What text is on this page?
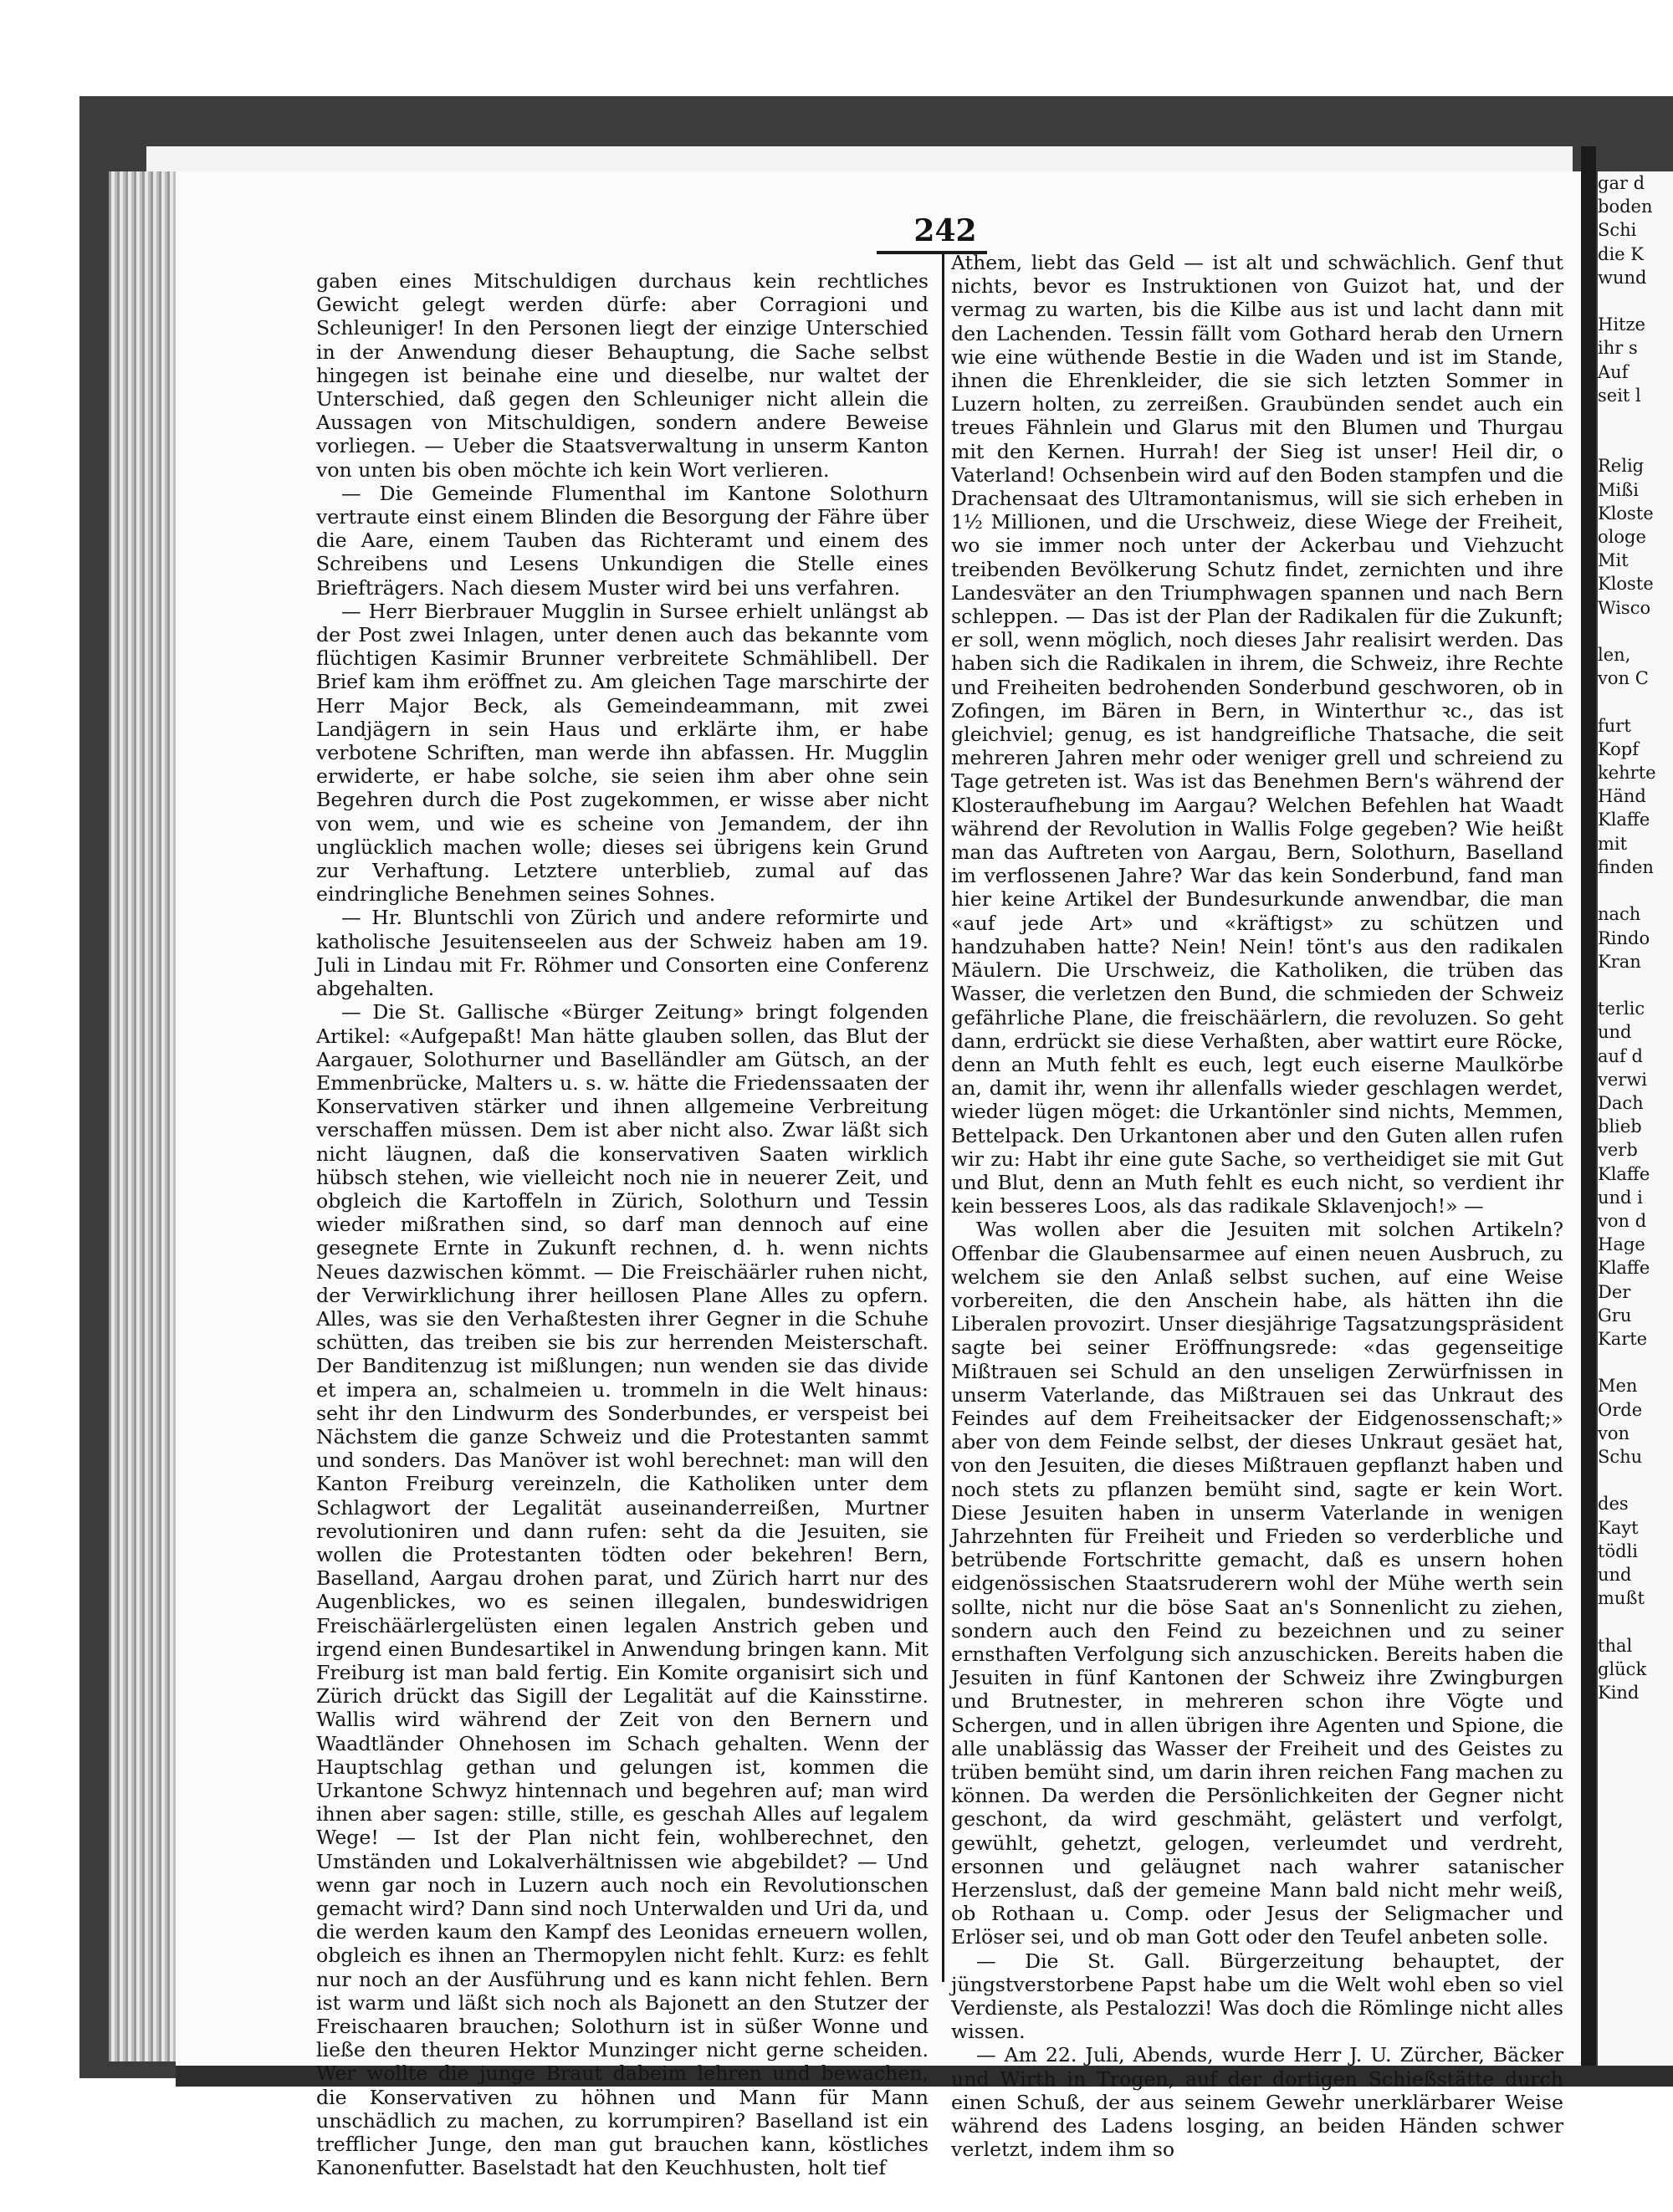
gar d
boden
Schi
die K
wund

Hitze
ihr s
Auf
seit l

Relig
Mißi
Kloste
ologe
Mit
Kloste
Wisco

len,
von C

furt
Kopf
kehrte
Händ
Klaffe
mit
finden

nach
Rindo
Kran

terlic
und
auf d
verwi
Dach
blieb
verb
Klaffe
und i
von d
Hage
Klaffe
Der
Gru
Karte

Men
Orde
von
Schu

des
Kayt
tödli
und
mußt

thal
glück
Kind
242

gaben eines Mitschuldigen durchaus kein rechtliches Gewicht gelegt werden dürfe: aber Corragioni und Schleuniger! In den Personen liegt der einzige Unterschied in der Anwendung dieser Behauptung, die Sache selbst hingegen ist beinahe eine und dieselbe, nur waltet der Unterschied, daß gegen den Schleuniger nicht allein die Aussagen von Mitschuldigen, sondern andere Beweise vorliegen. — Ueber die Staatsverwaltung in unserm Kanton von unten bis oben möchte ich kein Wort verlieren.

— Die Gemeinde Flumenthal im Kantone Solothurn vertraute einst einem Blinden die Besorgung der Fähre über die Aare, einem Tauben das Richteramt und einem des Schreibens und Lesens Unkundigen die Stelle eines Briefträgers. Nach diesem Muster wird bei uns verfahren.

— Herr Bierbrauer Mugglin in Sursee erhielt unlängst ab der Post zwei Inlagen, unter denen auch das bekannte vom flüchtigen Kasimir Brunner verbreitete Schmählibell. Der Brief kam ihm eröffnet zu. Am gleichen Tage marschirte der Herr Major Beck, als Gemeindeammann, mit zwei Landjägern in sein Haus und erklärte ihm, er habe verbotene Schriften, man werde ihn abfassen. Hr. Mugglin erwiderte, er habe solche, sie seien ihm aber ohne sein Begehren durch die Post zugekommen, er wisse aber nicht von wem, und wie es scheine von Jemandem, der ihn unglücklich machen wolle; dieses sei übrigens kein Grund zur Verhaftung. Letztere unterblieb, zumal auf das eindringliche Benehmen seines Sohnes.

— Hr. Bluntschli von Zürich und andere reformirte und katholische Jesuitenseelen aus der Schweiz haben am 19. Juli in Lindau mit Fr. Röhmer und Consorten eine Conferenz abgehalten.

— Die St. Gallische «Bürger Zeitung» bringt folgenden Artikel: «Aufgepaßt! Man hätte glauben sollen, das Blut der Aargauer, Solothurner und Baselländler am Gütsch, an der Emmenbrücke, Malters u. s. w. hätte die Friedenssaaten der Konservativen stärker und ihnen allgemeine Verbreitung verschaffen müssen. Dem ist aber nicht also. Zwar läßt sich nicht läugnen, daß die konservativen Saaten wirklich hübsch stehen, wie vielleicht noch nie in neuerer Zeit, und obgleich die Kartoffeln in Zürich, Solothurn und Tessin wieder mißrathen sind, so darf man dennoch auf eine gesegnete Ernte in Zukunft rechnen, d. h. wenn nichts Neues dazwischen kömmt. — Die Freischäärler ruhen nicht, der Verwirklichung ihrer heillosen Plane Alles zu opfern. Alles, was sie den Verhaßtesten ihrer Gegner in die Schuhe schütten, das treiben sie bis zur herrenden Meisterschaft. Der Banditenzug ist mißlungen; nun wenden sie das divide et impera an, schalmeien u. trommeln in die Welt hinaus: seht ihr den Lindwurm des Sonderbundes, er verspeist bei Nächstem die ganze Schweiz und die Protestanten sammt und sonders. Das Manöver ist wohl berechnet: man will den Kanton Freiburg vereinzeln, die Katholiken unter dem Schlagwort der Legalität auseinanderreißen, Murtner revolutioniren und dann rufen: seht da die Jesuiten, sie wollen die Protestanten tödten oder bekehren! Bern, Baselland, Aargau drohen parat, und Zürich harrt nur des Augenblickes, wo es seinen illegalen, bundeswidrigen Freischäärlergelüsten einen legalen Anstrich geben und irgend einen Bundesartikel in Anwendung bringen kann. Mit Freiburg ist man bald fertig. Ein Komite organisirt sich und Zürich drückt das Sigill der Legalität auf die Kainsstirne. Wallis wird während der Zeit von den Bernern und Waadtländer Ohnehosen im Schach gehalten. Wenn der Hauptschlag gethan und gelungen ist, kommen die Urkantone Schwyz hintennach und begehren auf; man wird ihnen aber sagen: stille, stille, es geschah Alles auf legalem Wege! — Ist der Plan nicht fein, wohlberechnet, den Umständen und Lokalverhältnissen wie abgebildet? — Und wenn gar noch in Luzern auch noch ein Revolutionschen gemacht wird? Dann sind noch Unterwalden und Uri da, und die werden kaum den Kampf des Leonidas erneuern wollen, obgleich es ihnen an Thermopylen nicht fehlt. Kurz: es fehlt nur noch an der Ausführung und es kann nicht fehlen. Bern ist warm und läßt sich noch als Bajonett an den Stutzer der Freischaaren brauchen; Solothurn ist in süßer Wonne und ließe den theuren Hektor Munzinger nicht gerne scheiden. Wer wollte die junge Braut dabeim lehren und bewachen, die Konservativen zu höhnen und Mann für Mann unschädlich zu machen, zu korrumpiren? Baselland ist ein trefflicher Junge, den man gut brauchen kann, köstliches Kanonenfutter. Baselstadt hat den Keuchhusten, holt tief

Athem, liebt das Geld — ist alt und schwächlich. Genf thut nichts, bevor es Instruktionen von Guizot hat, und der vermag zu warten, bis die Kilbe aus ist und lacht dann mit den Lachenden. Tessin fällt vom Gothard herab den Urnern wie eine wüthende Bestie in die Waden und ist im Stande, ihnen die Ehrenkleider, die sie sich letzten Sommer in Luzern holten, zu zerreißen. Graubünden sendet auch ein treues Fähnlein und Glarus mit den Blumen und Thurgau mit den Kernen. Hurrah! der Sieg ist unser! Heil dir, o Vaterland! Ochsenbein wird auf den Boden stampfen und die Drachensaat des Ultramontanismus, will sie sich erheben in 1½ Millionen, und die Urschweiz, diese Wiege der Freiheit, wo sie immer noch unter der Ackerbau und Viehzucht treibenden Bevölkerung Schutz findet, zernichten und ihre Landesväter an den Triumphwagen spannen und nach Bern schleppen. — Das ist der Plan der Radikalen für die Zukunft; er soll, wenn möglich, noch dieses Jahr realisirt werden. Das haben sich die Radikalen in ihrem, die Schweiz, ihre Rechte und Freiheiten bedrohenden Sonderbund geschworen, ob in Zofingen, im Bären in Bern, in Winterthur ꝛc., das ist gleichviel; genug, es ist handgreifliche Thatsache, die seit mehreren Jahren mehr oder weniger grell und schreiend zu Tage getreten ist. Was ist das Benehmen Bern's während der Klosteraufhebung im Aargau? Welchen Befehlen hat Waadt während der Revolution in Wallis Folge gegeben? Wie heißt man das Auftreten von Aargau, Bern, Solothurn, Baselland im verflossenen Jahre? War das kein Sonderbund, fand man hier keine Artikel der Bundesurkunde anwendbar, die man «auf jede Art» und «kräftigst» zu schützen und handzuhaben hatte? Nein! Nein! tönt's aus den radikalen Mäulern. Die Urschweiz, die Katholiken, die trüben das Wasser, die verletzen den Bund, die schmieden der Schweiz gefährliche Plane, die freischäärlern, die revoluzen. So geht dann, erdrückt sie diese Verhaßten, aber wattirt eure Röcke, denn an Muth fehlt es euch, legt euch eiserne Maulkörbe an, damit ihr, wenn ihr allenfalls wieder geschlagen werdet, wieder lügen möget: die Urkantönler sind nichts, Memmen, Bettelpack. Den Urkantonen aber und den Guten allen rufen wir zu: Habt ihr eine gute Sache, so vertheidiget sie mit Gut und Blut, denn an Muth fehlt es euch nicht, so verdient ihr kein besseres Loos, als das radikale Sklavenjoch!» —

Was wollen aber die Jesuiten mit solchen Artikeln? Offenbar die Glaubensarmee auf einen neuen Ausbruch, zu welchem sie den Anlaß selbst suchen, auf eine Weise vorbereiten, die den Anschein habe, als hätten ihn die Liberalen provozirt. Unser diesjährige Tagsatzungspräsident sagte bei seiner Eröffnungsrede: «das gegenseitige Mißtrauen sei Schuld an den unseligen Zerwürfnissen in unserm Vaterlande, das Mißtrauen sei das Unkraut des Feindes auf dem Freiheitsacker der Eidgenossenschaft;» aber von dem Feinde selbst, der dieses Unkraut gesäet hat, von den Jesuiten, die dieses Mißtrauen gepflanzt haben und noch stets zu pflanzen bemüht sind, sagte er kein Wort. Diese Jesuiten haben in unserm Vaterlande in wenigen Jahrzehnten für Freiheit und Frieden so verderbliche und betrübende Fortschritte gemacht, daß es unsern hohen eidgenössischen Staatsruderern wohl der Mühe werth sein sollte, nicht nur die böse Saat an's Sonnenlicht zu ziehen, sondern auch den Feind zu bezeichnen und zu seiner ernsthaften Verfolgung sich anzuschicken. Bereits haben die Jesuiten in fünf Kantonen der Schweiz ihre Zwingburgen und Brutnester, in mehreren schon ihre Vögte und Schergen, und in allen übrigen ihre Agenten und Spione, die alle unablässig das Wasser der Freiheit und des Geistes zu trüben bemüht sind, um darin ihren reichen Fang machen zu können. Da werden die Persönlichkeiten der Gegner nicht geschont, da wird geschmäht, gelästert und verfolgt, gewühlt, gehetzt, gelogen, verleumdet und verdreht, ersonnen und geläugnet nach wahrer satanischer Herzenslust, daß der gemeine Mann bald nicht mehr weiß, ob Rothaan u. Comp. oder Jesus der Seligmacher und Erlöser sei, und ob man Gott oder den Teufel anbeten solle.

— Die St. Gall. Bürgerzeitung behauptet, der jüngstverstorbene Papst habe um die Welt wohl eben so viel Verdienste, als Pestalozzi! Was doch die Römlinge nicht alles wissen.

— Am 22. Juli, Abends, wurde Herr J. U. Zürcher, Bäcker und Wirth in Trogen, auf der dortigen Schießstätte durch einen Schuß, der aus seinem Gewehr unerklärbarer Weise während des Ladens losging, an beiden Händen schwer verletzt, indem ihm so
